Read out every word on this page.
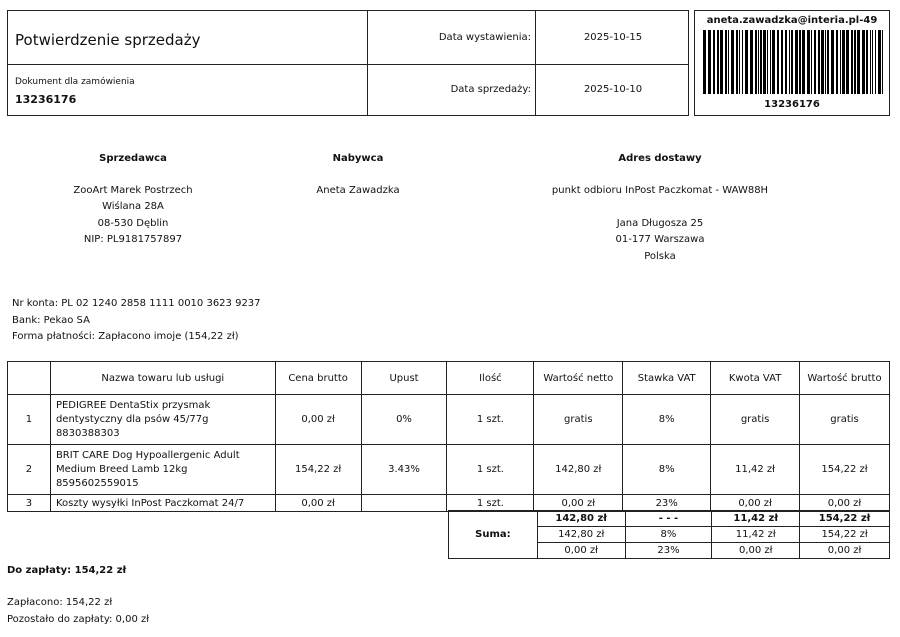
Potwierdzenie sprzedaży
Dokument dla zamówienia
13236176
Data wystawienia:	2025-10-15
Data sprzedaży:	2025-10-10
aneta.zawadzka@interia.pl-49
13236176
Sprzedawca
ZooArt Marek Postrzech
Wiślana 28A
08-530 Dęblin
NIP: PL9181757897
Nabywca
Aneta Zawadzka
Adres dostawy
punkt odbioru InPost Paczkomat - WAW88H
Jana Długosza 25
01-177 Warszawa
Polska
Nr konta: PL 02 1240 2858 1111 0010 3623 9237
Bank: Pekao SA
Forma płatności: Zapłacono imoje (154,22 zł)
	Nazwa towaru lub usługi	Cena brutto	Upust	Ilość	Wartość netto	Stawka VAT	Kwota VAT	Wartość brutto
1	PEDIGREE DentaStix przysmak
dentystyczny dla psów 45/77g
8830388303	0,00 zł	0%	1 szt.	gratis	8%	gratis	gratis
2	BRIT CARE Dog Hypoallergenic Adult
Medium Breed Lamb 12kg
8595602559015	154,22 zł	3.43%	1 szt.	142,80 zł	8%	11,42 zł	154,22 zł
3	Koszty wysyłki InPost Paczkomat 24/7	0,00 zł		1 szt.	0,00 zł	23%	0,00 zł	0,00 zł
Suma:	142,80 zł	- - -	11,42 zł	154,22 zł
	142,80 zł	8%	11,42 zł	154,22 zł
	0,00 zł	23%	0,00 zł	0,00 zł
Do zapłaty: 154,22 zł
Zapłacono: 154,22 zł
Pozostało do zapłaty: 0,00 zł
